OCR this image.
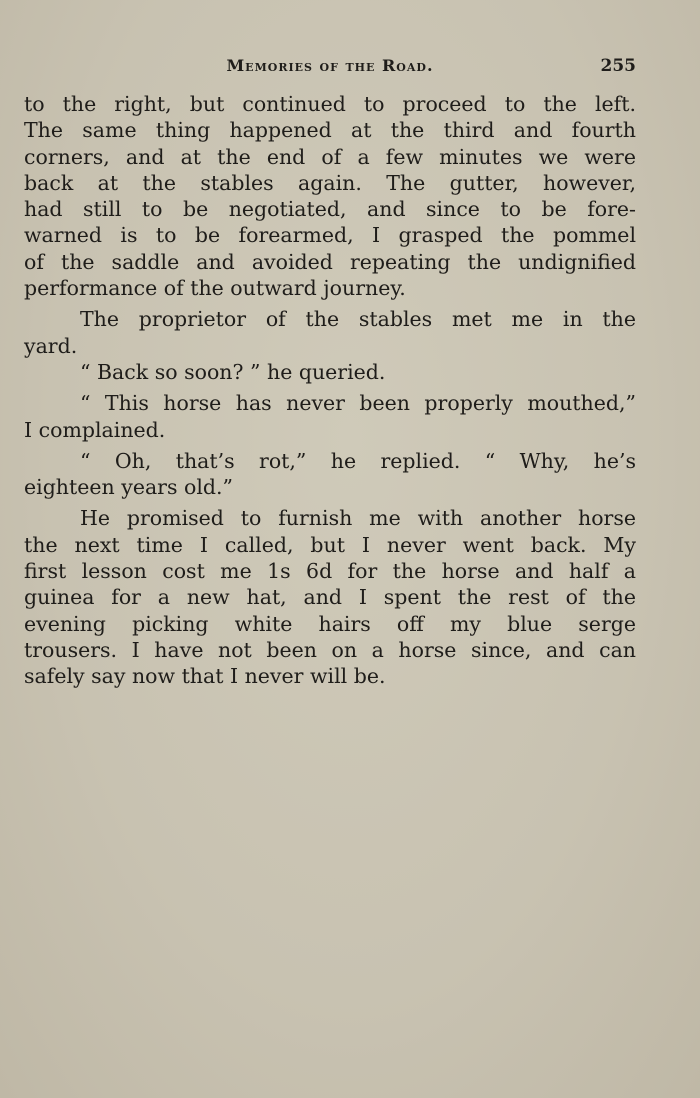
Memories of the Road.	255
to the right, but continued to proceed to the left.
The same thing happened at the third and fourth
corners, and at the end of a few minutes we were
back at the stables again. The gutter, however,
had still to be negotiated, and since to be fore-
warned is to be forearmed, I grasped the pommel
of the saddle and avoided repeating the undignified
performance of the outward journey.
The proprietor of the stables met me in the
yard.
“ Back so soon? ” he queried.
“ This horse has never been properly mouthed,”
I complained.
“ Oh, that’s rot,” he replied. “ Why, he’s
eighteen years old.”
He promised to furnish me with another horse
the next time I called, but I never went back. My
first lesson cost me 1s 6d for the horse and half a
guinea for a new hat, and I spent the rest of the
evening picking white hairs off my blue serge
trousers. I have not been on a horse since, and can
safely say now that I never will be.
